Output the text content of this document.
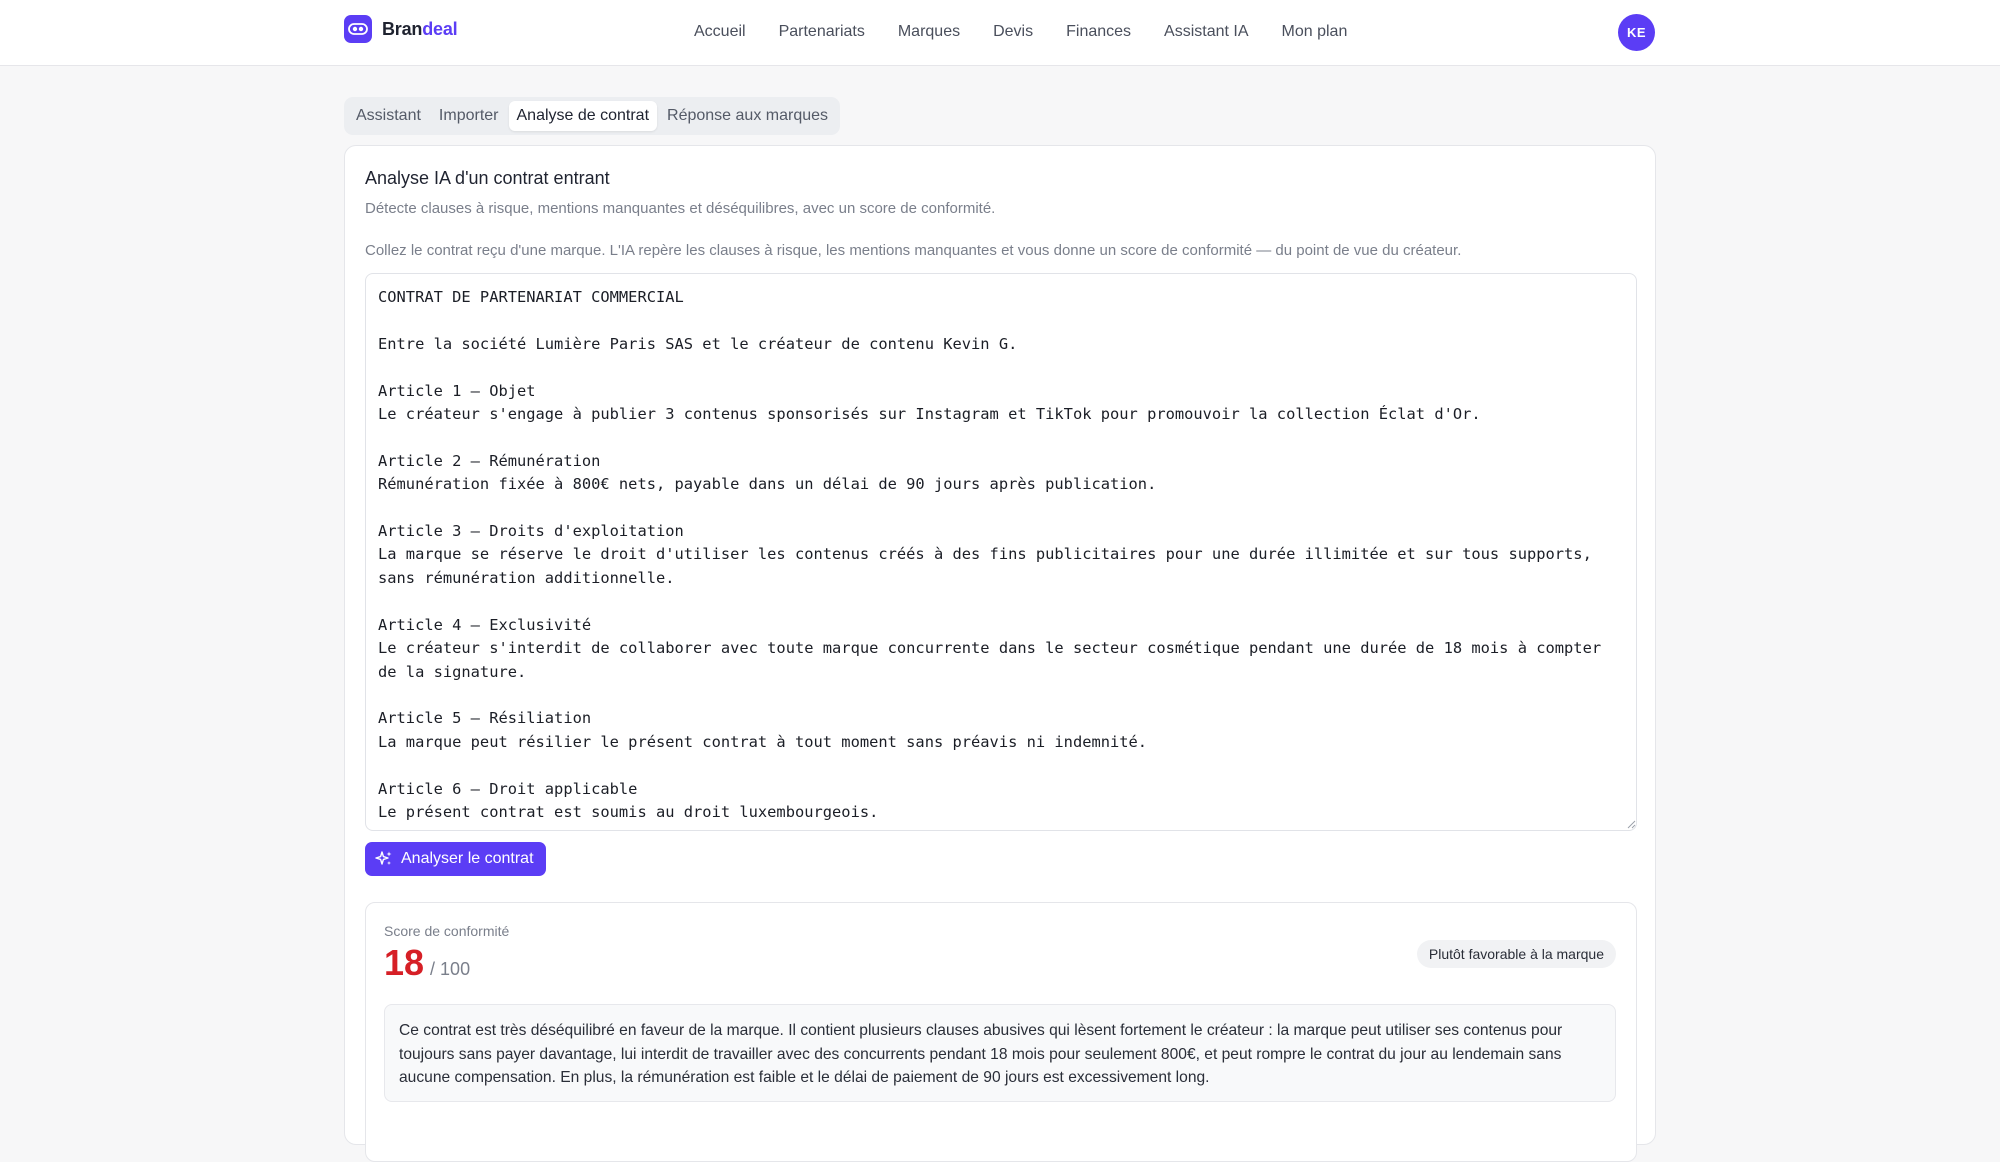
Brandeal	Accueil Partenariats Marques Devis Finances Assistant IA Mon plan	KE
Assistant	Importer	Analyse de contrat	Réponse aux marques
Analyse IA d'un contrat entrant
Détecte clauses à risque, mentions manquantes et déséquilibres, avec un score de conformité.
Collez le contrat reçu d'une marque. L'IA repère les clauses à risque, les mentions manquantes et vous donne un score de conformité — du point de vue du créateur.
CONTRAT DE PARTENARIAT COMMERCIAL

Entre la société Lumière Paris SAS et le créateur de contenu Kevin G.

Article 1 — Objet
Le créateur s'engage à publier 3 contenus sponsorisés sur Instagram et TikTok pour promouvoir la collection Éclat d'Or.

Article 2 — Rémunération
Rémunération fixée à 800€ nets, payable dans un délai de 90 jours après publication.

Article 3 — Droits d'exploitation
La marque se réserve le droit d'utiliser les contenus créés à des fins publicitaires pour une durée illimitée et sur tous supports, sans rémunération additionnelle.

Article 4 — Exclusivité
Le créateur s'interdit de collaborer avec toute marque concurrente dans le secteur cosmétique pendant une durée de 18 mois à compter de la signature.

Article 5 — Résiliation
La marque peut résilier le présent contrat à tout moment sans préavis ni indemnité.

Article 6 — Droit applicable
Le présent contrat est soumis au droit luxembourgeois.
Analyser le contrat
Score de conformité
18 / 100
Plutôt favorable à la marque
Ce contrat est très déséquilibré en faveur de la marque. Il contient plusieurs clauses abusives qui lèsent fortement le créateur : la marque peut utiliser ses contenus pour toujours sans payer davantage, lui interdit de travailler avec des concurrents pendant 18 mois pour seulement 800€, et peut rompre le contrat du jour au lendemain sans aucune compensation. En plus, la rémunération est faible et le délai de paiement de 90 jours est excessivement long.
